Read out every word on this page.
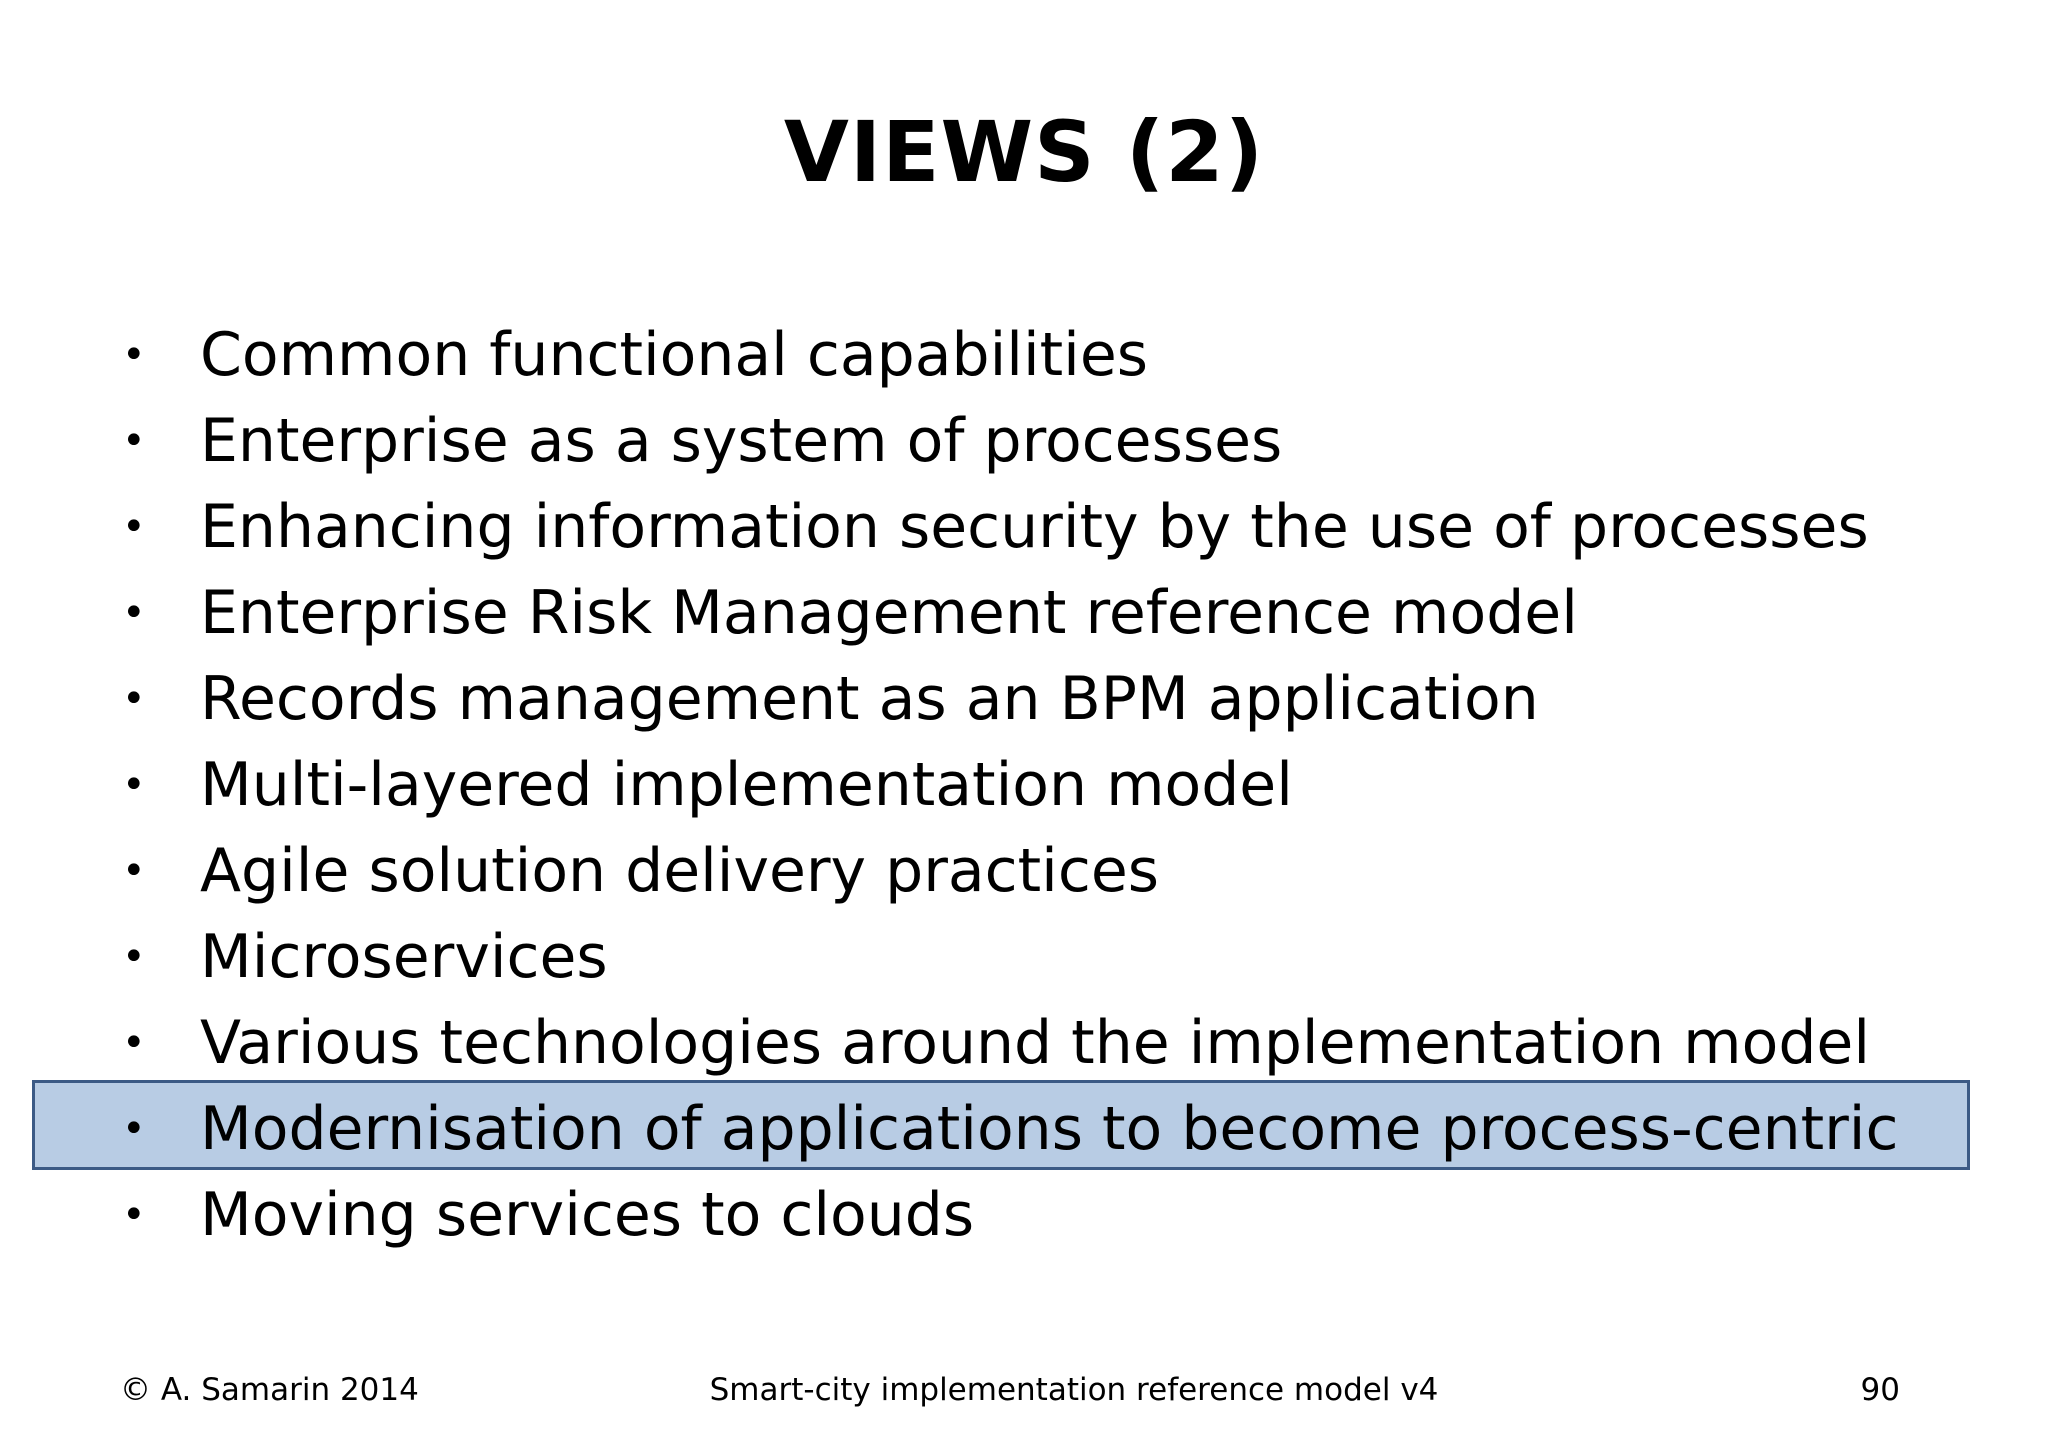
VIEWS (2)
• Common functional capabilities
• Enterprise as a system of processes
• Enhancing information security by the use of processes
• Enterprise Risk Management reference model
• Records management as an BPM application
• Multi-layered implementation model
• Agile solution delivery practices
• Microservices
• Various technologies around the implementation model
• Modernisation of applications to become process-centric
• Moving services to clouds
© A. Samarin 2014	Smart-city implementation reference model v4	90
